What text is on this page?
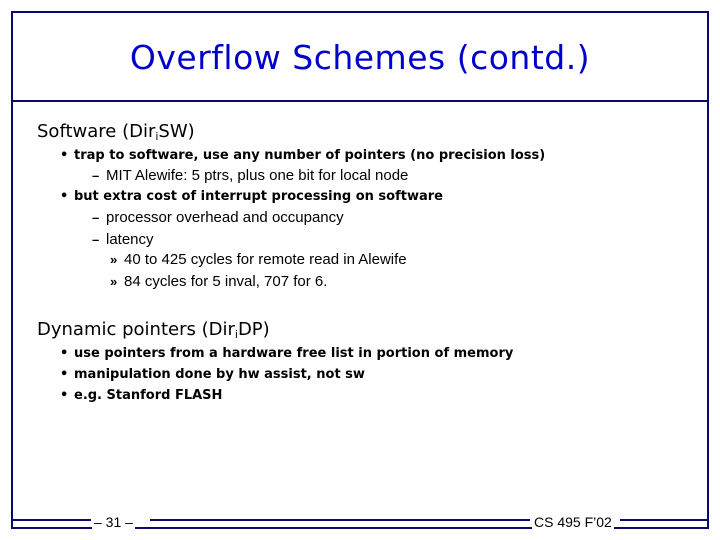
Overflow Schemes (contd.)
Software (Dir$_i$SW)
• trap to software, use any number of pointers (no precision loss)
– MIT Alewife: 5 ptrs, plus one bit for local node
• but extra cost of interrupt processing on software
– processor overhead and occupancy
– latency
» 40 to 425 cycles for remote read in Alewife
» 84 cycles for 5 inval, 707 for 6.
Dynamic pointers (Dir$_i$DP)
• use pointers from a hardware free list in portion of memory
• manipulation done by hw assist, not sw
• e.g. Stanford FLASH
– 31 –	CS 495 F’02
